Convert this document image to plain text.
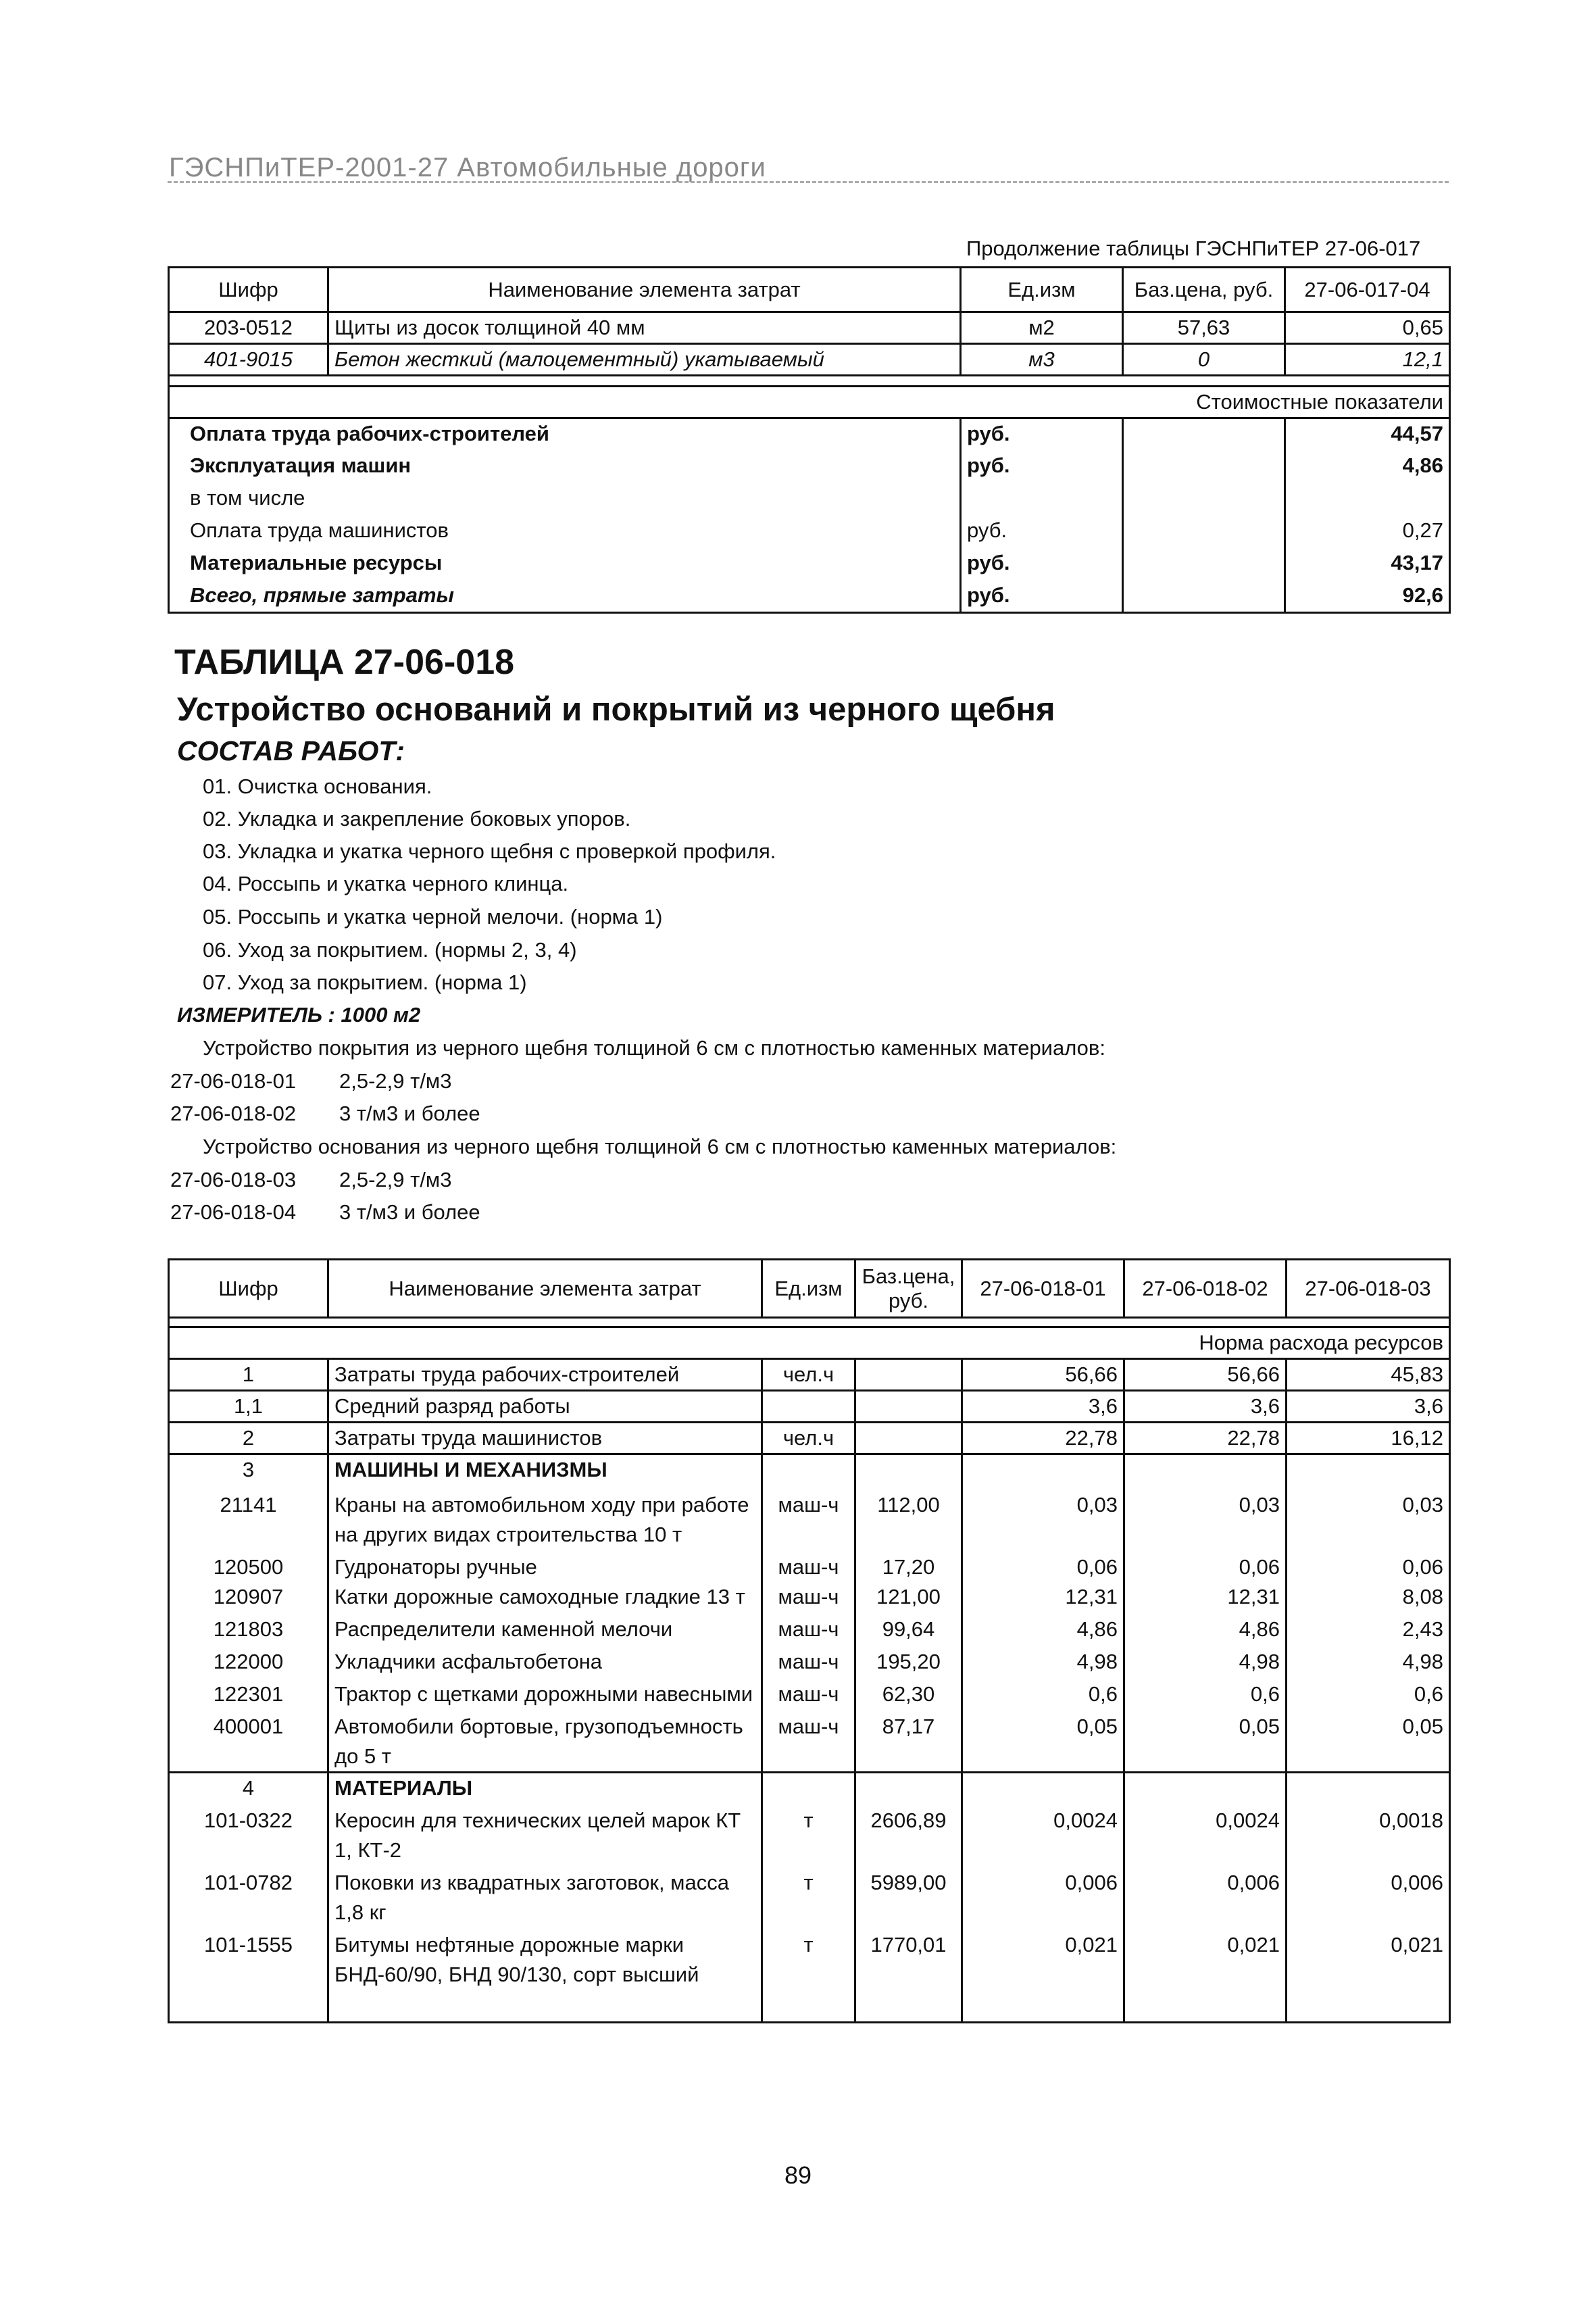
ГЭСНПиТЕР-2001-27 Автомобильные дороги
Продолжение таблицы ГЭСНПиТЕР 27-06-017
Шифр	Наименование элемента затрат	Ед.изм	Баз.цена, руб.	27-06-017-04
203-0512	Щиты из досок толщиной 40 мм	м2	57,63	0,65
401-9015	Бетон жесткий (малоцементный) укатываемый	м3	0	12,1

Стоимостные показатели				
Оплата труда рабочих-строителей		руб.		44,57
Эксплуатация машин		руб.		4,86
в том числе				
Оплата труда машинистов		руб.		0,27
Материальные ресурсы		руб.		43,17
Всего, прямые затраты		руб.		92,6
ТАБЛИЦА 27-06-018
Устройство оснований и покрытий из черного щебня
СОСТАВ РАБОТ:
01. Очистка основания.
02. Укладка и закрепление боковых упоров.
03. Укладка и укатка черного щебня с проверкой профиля.
04. Россыпь и укатка черного клинца.
05. Россыпь и укатка черной мелочи. (норма 1)
06. Уход за покрытием. (нормы 2, 3, 4)
07. Уход за покрытием. (норма 1)
ИЗМЕРИТЕЛЬ : 1000 м2
Устройство покрытия из черного щебня толщиной 6 см с плотностью каменных материалов:
27-06-018-01 2,5-2,9 т/м3
27-06-018-02 3 т/м3 и более
Устройство основания из черного щебня толщиной 6 см с плотностью каменных материалов:
27-06-018-03 2,5-2,9 т/м3
27-06-018-04 3 т/м3 и более
Шифр	Наименование элемента затрат	Ед.изм	Баз.цена, руб.	27-06-018-01	27-06-018-02	27-06-018-03

Норма расхода ресурсов						
1	Затраты труда рабочих-строителей	чел.ч		56,66	56,66	45,83
1,1	Средний разряд работы			3,6	3,6	3,6
2	Затраты труда машинистов	чел.ч		22,78	22,78	16,12
3	МАШИНЫ И МЕХАНИЗМЫ					
21141	Краны на автомобильном ходу при работе на других видах строительства 10 т	маш-ч	112,00	0,03	0,03	0,03
120500	Гудронаторы ручные	маш-ч	17,20	0,06	0,06	0,06
120907	Катки дорожные самоходные гладкие 13 т	маш-ч	121,00	12,31	12,31	8,08
121803	Распределители каменной мелочи	маш-ч	99,64	4,86	4,86	2,43
122000	Укладчики асфальтобетона	маш-ч	195,20	4,98	4,98	4,98
122301	Трактор с щетками дорожными навесными	маш-ч	62,30	0,6	0,6	0,6
400001	Автомобили бортовые, грузоподъемность до 5 т	маш-ч	87,17	0,05	0,05	0,05
4	МАТЕРИАЛЫ					
101-0322	Керосин для технических целей марок КТ 1, КТ-2	т	2606,89	0,0024	0,0024	0,0018
101-0782	Поковки из квадратных заготовок, масса 1,8 кг	т	5989,00	0,006	0,006	0,006
101-1555	Битумы нефтяные дорожные марки БНД-60/90, БНД 90/130, сорт высший	т	1770,01	0,021	0,021	0,021
89
